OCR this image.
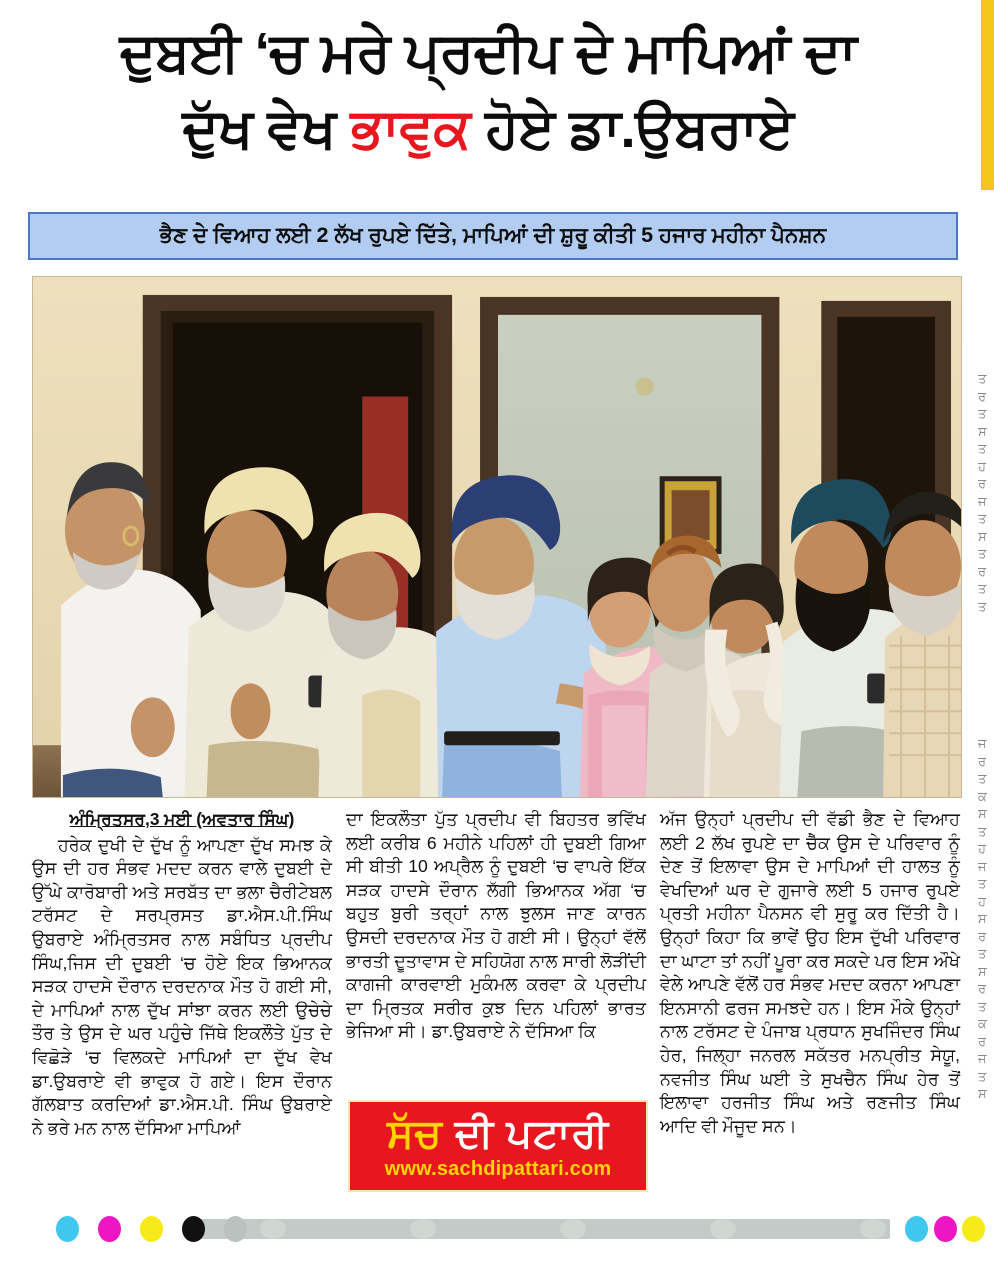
ਤ
ਰ
ਤ
ਸ
ਤ
ਹ
ਰ
ਜ
ਤ
ਸ
ਤ
ਰ
ਤ
ਤ
ਜ
ਰ
ਤ
ਕ
ਸ
ਤ
ਹ
ਜ
ਤ
ਹ
ਸ
ਰ
ਤ
ਸ
ਰ
ਤ
ਕ
ਰ
ਜ
ਤ
ਸ
ਦੁਬਈ ‘ਚ ਮਰੇ ਪ੍ਰਦੀਪ ਦੇ ਮਾਪਿਆਂ ਦਾ
ਦੁੱਖ ਵੇਖ ਭਾਵੁਕ ਹੋਏ ਡਾ.ਉਬਰਾਏ
ਭੈਣ ਦੇ ਵਿਆਹ ਲਈ 2 ਲੱਖ ਰੁਪਏ ਦਿੱਤੇ, ਮਾਪਿਆਂ ਦੀ ਸ਼ੁਰੂ ਕੀਤੀ 5 ਹਜਾਰ ਮਹੀਨਾ ਪੈਨਸ਼ਨ
ਅੰਮ੍ਰਿਤਸਰ,3 ਮਈ (ਅਵਤਾਰ ਸਿੰਘ)

ਹਰੇਕ ਦੁਖੀ ਦੇ ਦੁੱਖ ਨੂੰ ਆਪਣਾ ਦੁੱਖ ਸਮਝ ਕੇ ਉਸ ਦੀ ਹਰ ਸੰਭਵ ਮਦਦ ਕਰਨ ਵਾਲੇ ਦੁਬਈ ਦੇ ਉੱਘੇ ਕਾਰੋਬਾਰੀ ਅਤੇ ਸਰਬੱਤ ਦਾ ਭਲਾ ਚੈਰੀਟੇਬਲ ਟਰੱਸਟ ਦੇ ਸਰਪ੍ਰਸਤ ਡਾ.ਐਸ.ਪੀ.ਸਿੰਘ ਉਬਰਾਏ ਅੰਮ੍ਰਿਤਸਰ ਨਾਲ ਸਬੰਧਿਤ ਪ੍ਰਦੀਪ ਸਿੰਘ,ਜਿਸ ਦੀ ਦੁਬਈ ‘ਚ ਹੋਏ ਇਕ ਭਿਆਨਕ ਸੜਕ ਹਾਦਸੇ ਦੌਰਾਨ ਦਰਦਨਾਕ ਮੌਤ ਹੋ ਗਈ ਸੀ, ਦੇ ਮਾਪਿਆਂ ਨਾਲ ਦੁੱਖ ਸਾਂਝਾ ਕਰਨ ਲਈ ਉਚੇਚੇ ਤੌਰ ਤੇ ਉਸ ਦੇ ਘਰ ਪਹੁੰਚੇ ਜਿੱਥੇ ਇਕਲੌਤੇ ਪੁੱਤ ਦੇ ਵਿਛੋੜੇ ‘ਚ ਵਿਲਕਦੇ ਮਾਪਿਆਂ ਦਾ ਦੁੱਖ ਵੇਖ ਡਾ.ਉਬਰਾਏ ਵੀ ਭਾਵੁਕ ਹੋ ਗਏ। ਇਸ ਦੌਰਾਨ ਗੱਲਬਾਤ ਕਰਦਿਆਂ ਡਾ.ਐਸ.ਪੀ. ਸਿੰਘ ਉਬਰਾਏ ਨੇ ਭਰੇ ਮਨ ਨਾਲ ਦੱਸਿਆ ਮਾਪਿਆਂ

ਦਾ ਇਕਲੌਤਾ ਪੁੱਤ ਪ੍ਰਦੀਪ ਵੀ ਬਿਹਤਰ ਭਵਿੱਖ ਲਈ ਕਰੀਬ 6 ਮਹੀਨੇ ਪਹਿਲਾਂ ਹੀ ਦੁਬਈ ਗਿਆ ਸੀ ਬੀਤੀ 10 ਅਪ੍ਰੈਲ ਨੂੰ ਦੁਬਈ ‘ਚ ਵਾਪਰੇ ਇੱਕ ਸੜਕ ਹਾਦਸੇ ਦੌਰਾਨ ਲੱਗੀ ਭਿਆਨਕ ਅੱਗ ‘ਚ ਬਹੁਤ ਬੁਰੀ ਤਰ੍ਹਾਂ ਨਾਲ ਝੁਲਸ ਜਾਣ ਕਾਰਨ ਉਸਦੀ ਦਰਦਨਾਕ ਮੌਤ ਹੋ ਗਈ ਸੀ। ਉਨ੍ਹਾਂ ਵੱਲੋਂ ਭਾਰਤੀ ਦੂਤਾਵਾਸ ਦੇ ਸਹਿਯੋਗ ਨਾਲ ਸਾਰੀ ਲੋੜੀਂਦੀ ਕਾਗਜੀ ਕਾਰਵਾਈ ਮੁਕੰਮਲ ਕਰਵਾ ਕੇ ਪ੍ਰਦੀਪ ਦਾ ਮ੍ਰਿਤਕ ਸਰੀਰ ਕੁਝ ਦਿਨ ਪਹਿਲਾਂ ਭਾਰਤ ਭੇਜਿਆ ਸੀ। ਡਾ.ਉਬਰਾਏ ਨੇ ਦੱਸਿਆ ਕਿ

ਅੱਜ ਉਨ੍ਹਾਂ ਪ੍ਰਦੀਪ ਦੀ ਵੱਡੀ ਭੈਣ ਦੇ ਵਿਆਹ ਲਈ 2 ਲੱਖ ਰੁਪਏ ਦਾ ਚੈੱਕ ਉਸ ਦੇ ਪਰਿਵਾਰ ਨੂੰ ਦੇਣ ਤੋਂ ਇਲਾਵਾ ਉਸ ਦੇ ਮਾਪਿਆਂ ਦੀ ਹਾਲਤ ਨੂੰ ਵੇਖਦਿਆਂ ਘਰ ਦੇ ਗੁਜਾਰੇ ਲਈ 5 ਹਜਾਰ ਰੁਪਏ ਪ੍ਰਤੀ ਮਹੀਨਾ ਪੈਨਸਨ ਵੀ ਸੁਰੂ ਕਰ ਦਿੱਤੀ ਹੈ। ਉਨ੍ਹਾਂ ਕਿਹਾ ਕਿ ਭਾਵੇਂ ਉਹ ਇਸ ਦੁੱਖੀ ਪਰਿਵਾਰ ਦਾ ਘਾਟਾ ਤਾਂ ਨਹੀਂ ਪੂਰਾ ਕਰ ਸਕਦੇ ਪਰ ਇਸ ਔਖੇ ਵੇਲੇ ਆਪਣੇ ਵੱਲੋਂ ਹਰ ਸੰਭਵ ਮਦਦ ਕਰਨਾ ਆਪਣਾ ਇਨਸਾਨੀ ਫਰਜ ਸਮਝਦੇ ਹਨ। ਇਸ ਮੌਕੇ ਉਨ੍ਹਾਂ ਨਾਲ ਟਰੱਸਟ ਦੇ ਪੰਜਾਬ ਪ੍ਰਧਾਨ ਸੁਖਜਿੰਦਰ ਸਿੰਘ ਹੇਰ, ਜਿਲ੍ਹਾ ਜਨਰਲ ਸਕੱਤਰ ਮਨਪ੍ਰੀਤ ਸੇਯੂ, ਨਵਜੀਤ ਸਿੰਘ ਘਈ ਤੇ ਸੁਖਚੈਨ ਸਿੰਘ ਹੇਰ ਤੋਂ ਇਲਾਵਾ ਹਰਜੀਤ ਸਿੰਘ ਅਤੇ ਰਣਜੀਤ ਸਿੰਘ ਆਦਿ ਵੀ ਮੌਜੂਦ ਸਨ।

ਸੱਚ ਦੀ ਪਟਾਰੀ
www.sachdipattari.com
